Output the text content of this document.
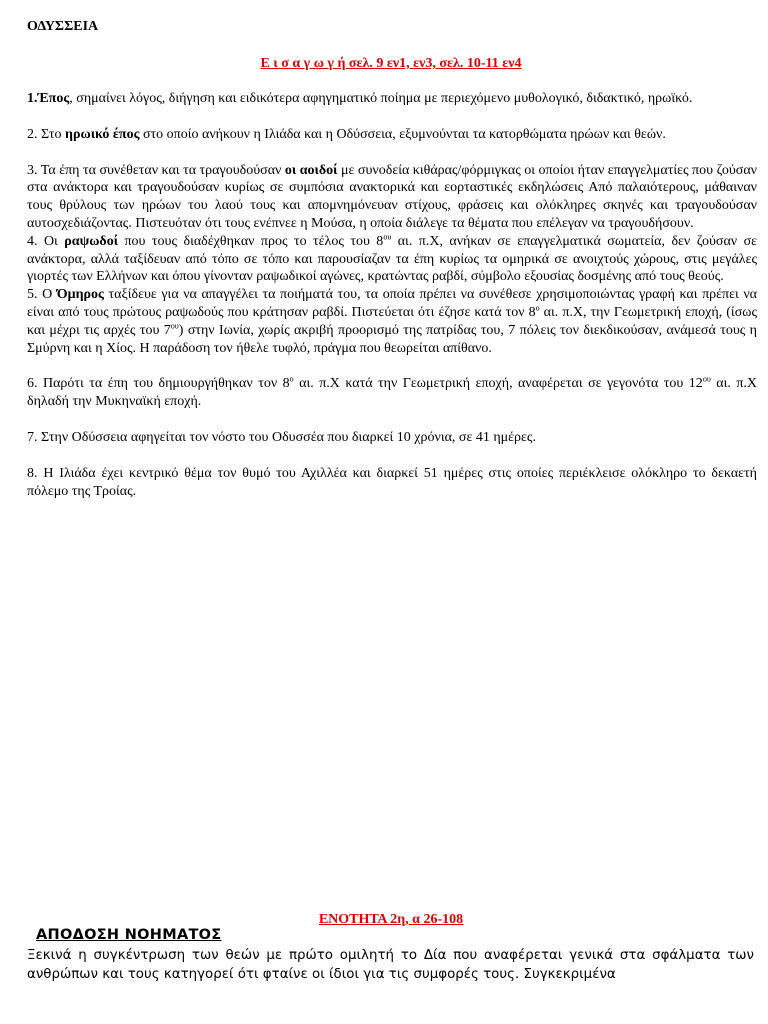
ΟΔΥΣΣΕΙΑ
Ε ι σ α γ ω γ ή σελ. 9 εν1, εν3, σελ. 10-11 εν4

1.Έπος, σημαίνει λόγος, διήγηση και ειδικότερα αφηγηματικό ποίημα με περιεχόμενο μυθολογικό, διδακτικό, ηρωϊκό.

2. Στο ηρωικό έπος στο οποίο ανήκουν η Ιλιάδα και η Οδύσσεια, εξυμνούνται τα κατορθώματα ηρώων και θεών.

3. Τα έπη τα συνέθεταν και τα τραγουδούσαν οι αοιδοί με συνοδεία κιθάρας/φόρμιγκας οι οποίοι ήταν επαγγελματίες που ζούσαν στα ανάκτορα και τραγουδούσαν κυρίως σε συμπόσια ανακτορικά και εορταστικές εκδηλώσεις Από παλαιότερους, μάθαιναν τους θρύλους των ηρώων του λαού τους και απομνημόνευαν στίχους, φράσεις και ολόκληρες σκηνές και τραγουδούσαν αυτοσχεδιάζοντας. Πιστευόταν ότι τους ενέπνεε η Μούσα, η οποία διάλεγε τα θέματα που επέλεγαν να τραγουδήσουν.

4. Οι ραψωδοί που τους διαδέχθηκαν προς το τέλος του $8^{o\upsilon}$ αι. π.Χ, ανήκαν σε επαγγελματικά σωματεία, δεν ζούσαν σε ανάκτορα, αλλά ταξίδευαν από τόπο σε τόπο και παρουσίαζαν τα έπη κυρίως τα ομηρικά σε ανοιχτούς χώρους, στις μεγάλες γιορτές των Ελλήνων και όπου γίνονταν ραψωδικοί αγώνες, κρατώντας ραβδί, σύμβολο εξουσίας δοσμένης από τους θεούς.

5. Ο Όμηρος ταξίδευε για να απαγγέλει τα ποιήματά του, τα οποία πρέπει να συνέθεσε χρησιμοποιώντας γραφή και πρέπει να είναι από τους πρώτους ραψωδούς που κράτησαν ραβδί. Πιστεύεται ότι έζησε κατά τον $8^o$ αι. π.Χ, την Γεωμετρική εποχή, (ίσως και μέχρι τις αρχές του $7^{o\upsilon}$) στην Ιωνία, χωρίς ακριβή προορισμό της πατρίδας του, 7 πόλεις τον διεκδικούσαν, ανάμεσά τους η Σμύρνη και η Χίος. Η παράδοση τον ήθελε τυφλό, πράγμα που θεωρείται απίθανο.

6. Παρότι τα έπη του δημιουργήθηκαν τον $8^o$ αι. π.Χ κατά την Γεωμετρική εποχή, αναφέρεται σε γεγονότα του $12^{o\upsilon}$ αι. π.Χ δηλαδή την Μυκηναϊκή εποχή.

7. Στην Οδύσσεια αφηγείται τον νόστο του Οδυσσέα που διαρκεί 10 χρόνια, σε 41 ημέρες.

8. Η Ιλιάδα έχει κεντρικό θέμα τον θυμό του Αχιλλέα και διαρκεί 51 ημέρες στις οποίες περιέκλεισε ολόκληρο το δεκαετή πόλεμο της Τροίας.

ΕΝΟΤΗΤΑ 2η, α 26-108
ΑΠΟΔΟΣΗ ΝΟΗΜΑΤΟΣ
Ξεκινά η συγκέντρωση των θεών με πρώτο ομιλητή το Δία που αναφέρεται γενικά στα σφάλματα των ανθρώπων και τους κατηγορεί ότι φταίνε οι ίδιοι για τις συμφορές τους. Συγκεκριμένα
